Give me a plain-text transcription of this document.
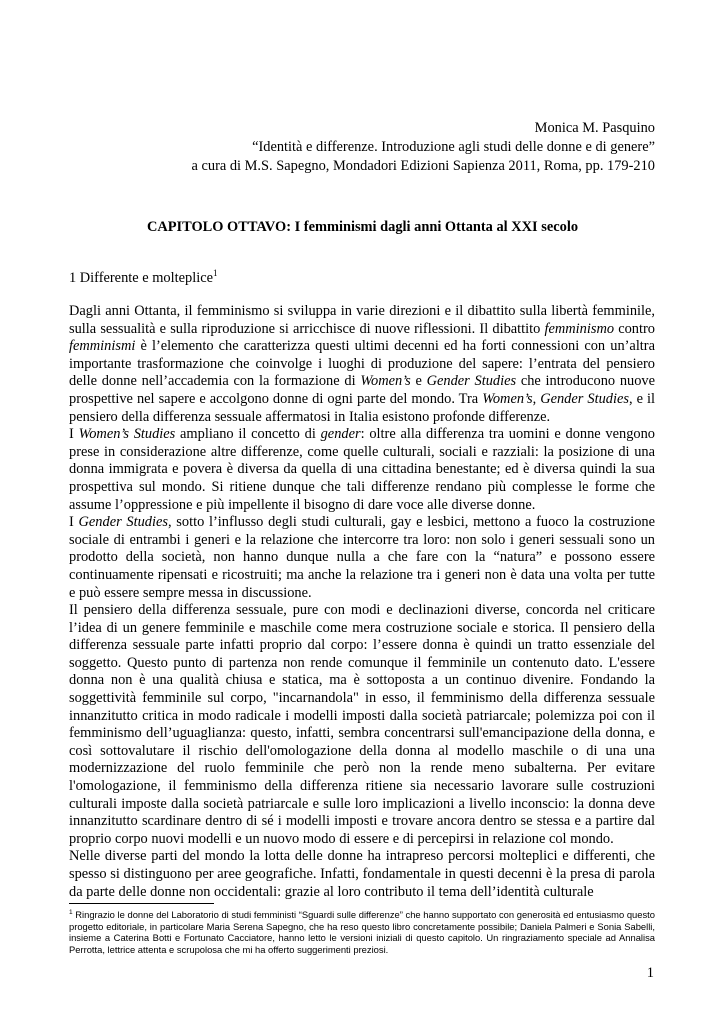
Monica M. Pasquino
“Identità e differenze. Introduzione agli studi delle donne e di genere”
a cura di M.S. Sapegno, Mondadori Edizioni Sapienza 2011, Roma, pp. 179-210
CAPITOLO OTTAVO: I femminismi dagli anni Ottanta al XXI secolo
1 Differente e molteplice$^1$

Dagli anni Ottanta, il femminismo si sviluppa in varie direzioni e il dibattito sulla libertà femminile, sulla sessualità e sulla riproduzione si arricchisce di nuove riflessioni. Il dibattito femminismo contro femminismi è l’elemento che caratterizza questi ultimi decenni ed ha forti connessioni con un’altra importante trasformazione che coinvolge i luoghi di produzione del sapere: l’entrata del pensiero delle donne nell’accademia con la formazione di Women’s e Gender Studies che introducono nuove prospettive nel sapere e accolgono donne di ogni parte del mondo. Tra Women’s, Gender Studies, e il pensiero della differenza sessuale affermatosi in Italia esistono profonde differenze.

I Women’s Studies ampliano il concetto di gender: oltre alla differenza tra uomini e donne vengono prese in considerazione altre differenze, come quelle culturali, sociali e razziali: la posizione di una donna immigrata e povera è diversa da quella di una cittadina benestante; ed è diversa quindi la sua prospettiva sul mondo. Si ritiene dunque che tali differenze rendano più complesse le forme che assume l’oppressione e più impellente il bisogno di dare voce alle diverse donne.

I Gender Studies, sotto l’influsso degli studi culturali, gay e lesbici, mettono a fuoco la costruzione sociale di entrambi i generi e la relazione che intercorre tra loro: non solo i generi sessuali sono un prodotto della società, non hanno dunque nulla a che fare con la “natura” e possono essere continuamente ripensati e ricostruiti; ma anche la relazione tra i generi non è data una volta per tutte e può essere sempre messa in discussione.

Il pensiero della differenza sessuale, pure con modi e declinazioni diverse, concorda nel criticare l’idea di un genere femminile e maschile come mera costruzione sociale e storica. Il pensiero della differenza sessuale parte infatti proprio dal corpo: l’essere donna è quindi un tratto essenziale del soggetto. Questo punto di partenza non rende comunque il femminile un contenuto dato. L'essere donna non è una qualità chiusa e statica, ma è sottoposta a un continuo divenire. Fondando la soggettività femminile sul corpo, "incarnandola" in esso, il femminismo della differenza sessuale innanzitutto critica in modo radicale i modelli imposti dalla società patriarcale; polemizza poi con il femminismo dell’uguaglianza: questo, infatti, sembra concentrarsi sull'emancipazione della donna, e così sottovalutare il rischio dell'omologazione della donna al modello maschile o di una una modernizzazione del ruolo femminile che però non la rende meno subalterna. Per evitare l'omologazione, il femminismo della differenza ritiene sia necessario lavorare sulle costruzioni culturali imposte dalla società patriarcale e sulle loro implicazioni a livello inconscio: la donna deve innanzitutto scardinare dentro di sé i modelli imposti e trovare ancora dentro se stessa e a partire dal proprio corpo nuovi modelli e un nuovo modo di essere e di percepirsi in relazione col mondo.

Nelle diverse parti del mondo la lotta delle donne ha intrapreso percorsi molteplici e differenti, che spesso si distinguono per aree geografiche. Infatti, fondamentale in questi decenni è la presa di parola da parte delle donne non occidentali: grazie al loro contributo il tema dell’identità culturale

$^1$ Ringrazio le donne del Laboratorio di studi femministi “Sguardi sulle differenze” che hanno supportato con generosità ed entusiasmo questo progetto editoriale, in particolare Maria Serena Sapegno, che ha reso questo libro concretamente possibile; Daniela Palmeri e Sonia Sabelli, insieme a Caterina Botti e Fortunato Cacciatore, hanno letto le versioni iniziali di questo capitolo. Un ringraziamento speciale ad Annalisa Perrotta, lettrice attenta e scrupolosa che mi ha offerto suggerimenti preziosi.
1
